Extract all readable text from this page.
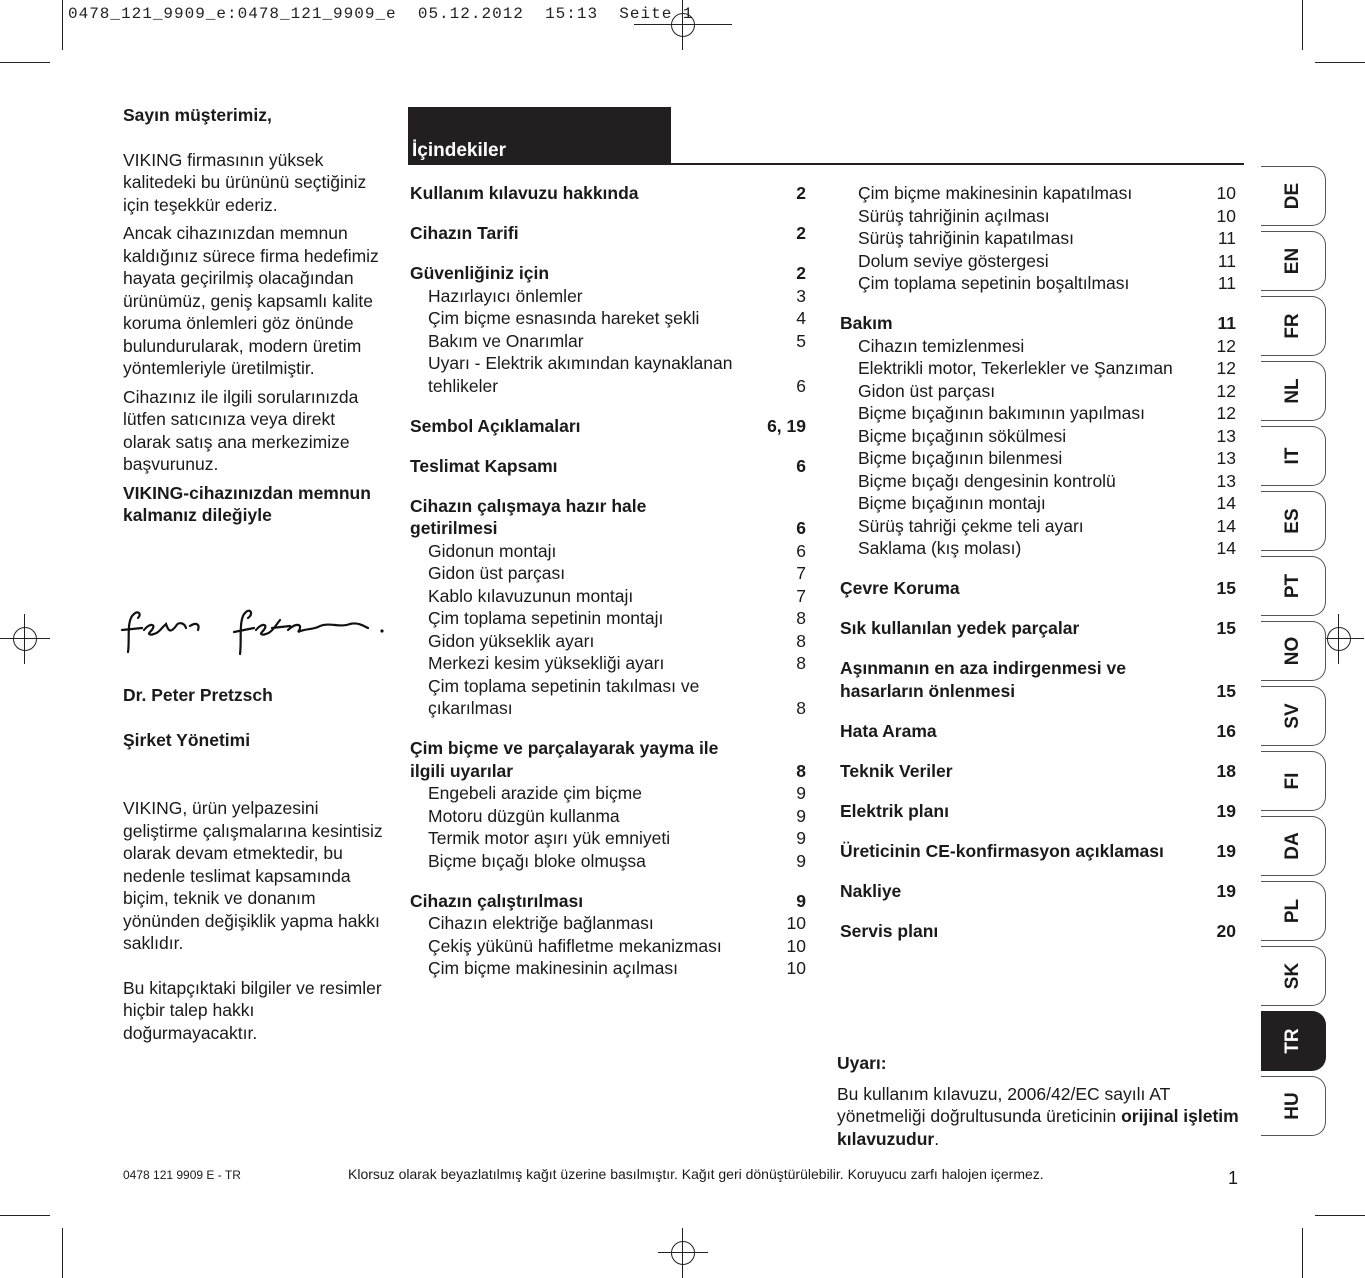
0478_121_9909_e:0478_121_9909_e  05.12.2012  15:13  Seite 1

Sayın müşterimiz,

VIKING firmasının yüksek kalitedeki bu ürününü seçtiğiniz için teşekkür ederiz.

Ancak cihazınızdan memnun kaldığınız sürece firma hedefimiz hayata geçirilmiş olacağından ürünümüz, geniş kapsamlı kalite koruma önlemleri göz önünde bulundurularak, modern üretim yöntemleriyle üretilmiştir.

Cihazınız ile ilgili sorularınızda lütfen satıcınıza veya direkt olarak satış ana merkezimize başvurunuz.

VIKING-cihazınızdan memnun kalmanız dileğiyle

Dr. Peter Pretzsch
Şirket Yönetimi

VIKING, ürün yelpazesini geliştirme çalışmalarına kesintisiz olarak devam etmektedir, bu nedenle teslimat kapsamında biçim, teknik ve donanım yönünden değişiklik yapma hakkı saklıdır.

Bu kitapçıktaki bilgiler ve resimler hiçbir talep hakkı doğurmayacaktır.

İçindekiler
Kullanım kılavuzu hakkında	2
Cihazın Tarifi	2
Güvenliğiniz için	2
Hazırlayıcı önlemler	3
Çim biçme esnasında hareket şekli	4
Bakım ve Onarımlar	5
Uyarı - Elektrik akımından kaynaklanan tehlikeler	6
Sembol Açıklamaları	6, 19
Teslimat Kapsamı	6
Cihazın çalışmaya hazır hale getirilmesi	6
Gidonun montajı	6
Gidon üst parçası	7
Kablo kılavuzunun montajı	7
Çim toplama sepetinin montajı	8
Gidon yükseklik ayarı	8
Merkezi kesim yüksekliği ayarı	8
Çim toplama sepetinin takılması ve çıkarılması	8
Çim biçme ve parçalayarak yayma ile ilgili uyarılar	8
Engebeli arazide çim biçme	9
Motoru düzgün kullanma	9
Termik motor aşırı yük emniyeti	9
Biçme bıçağı bloke olmuşsa	9
Cihazın çalıştırılması	9
Cihazın elektriğe bağlanması	10
Çekiş yükünü hafifletme mekanizması	10
Çim biçme makinesinin açılması	10
Çim biçme makinesinin kapatılması	10
Sürüş tahriğinin açılması	10
Sürüş tahriğinin kapatılması	11
Dolum seviye göstergesi	11
Çim toplama sepetinin boşaltılması	11
Bakım	11
Cihazın temizlenmesi	12
Elektrikli motor, Tekerlekler ve Şanzıman	12
Gidon üst parçası	12
Biçme bıçağının bakımının yapılması	12
Biçme bıçağının sökülmesi	13
Biçme bıçağının bilenmesi	13
Biçme bıçağı dengesinin kontrolü	13
Biçme bıçağının montajı	14
Sürüş tahriği çekme teli ayarı	14
Saklama (kış molası)	14
Çevre Koruma	15
Sık kullanılan yedek parçalar	15
Aşınmanın en aza indirgenmesi ve hasarların önlenmesi	15
Hata Arama	16
Teknik Veriler	18
Elektrik planı	19
Üreticinin CE-konfirmasyon açıklaması	19
Nakliye	19
Servis planı	20
DE
EN
FR
NL
IT
ES
PT
NO
SV
FI
DA
PL
SK
TR
HU
Uyarı:
Bu kullanım kılavuzu, 2006/42/EC sayılı AT yönetmeliği doğrultusunda üreticinin orijinal işletim kılavuzudur.
0478 121 9909 E - TR	Klorsuz olarak beyazlatılmış kağıt üzerine basılmıştır. Kağıt geri dönüştürülebilir. Koruyucu zarfı halojen içermez.	1
